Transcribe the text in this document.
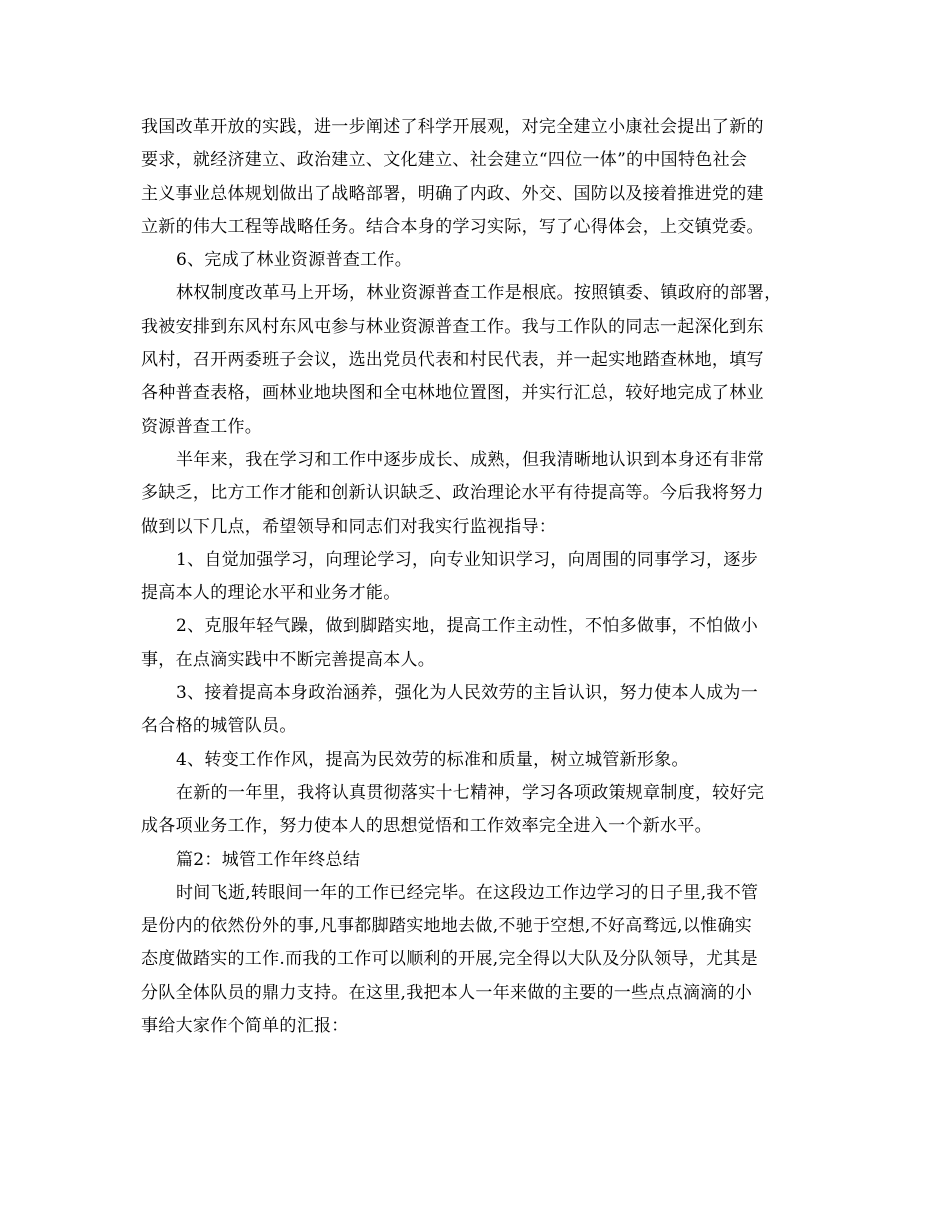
我国改革开放的实践，进一步阐述了科学开展观，对完全建立小康社会提出了新的
要求，就经济建立、政治建立、文化建立、社会建立“四位一体”的中国特色社会
主义事业总体规划做出了战略部署，明确了内政、外交、国防以及接着推进党的建
立新的伟大工程等战略任务。结合本身的学习实际，写了心得体会，上交镇党委。
6、完成了林业资源普查工作。
林权制度改革马上开场，林业资源普查工作是根底。按照镇委、镇政府的部署，
我被安排到东风村东风屯参与林业资源普查工作。我与工作队的同志一起深化到东
风村，召开两委班子会议，选出党员代表和村民代表，并一起实地踏查林地，填写
各种普查表格，画林业地块图和全屯林地位置图，并实行汇总，较好地完成了林业
资源普查工作。
半年来，我在学习和工作中逐步成长、成熟，但我清晰地认识到本身还有非常
多缺乏，比方工作才能和创新认识缺乏、政治理论水平有待提高等。今后我将努力
做到以下几点，希望领导和同志们对我实行监视指导：
1、自觉加强学习，向理论学习，向专业知识学习，向周围的同事学习，逐步
提高本人的理论水平和业务才能。
2、克服年轻气躁，做到脚踏实地，提高工作主动性，不怕多做事，不怕做小
事，在点滴实践中不断完善提高本人。
3、接着提高本身政治涵养，强化为人民效劳的主旨认识，努力使本人成为一
名合格的城管队员。
4、转变工作作风，提高为民效劳的标准和质量，树立城管新形象。
在新的一年里，我将认真贯彻落实十七精神，学习各项政策规章制度，较好完
成各项业务工作，努力使本人的思想觉悟和工作效率完全进入一个新水平。
篇2：城管工作年终总结
时间飞逝,转眼间一年的工作已经完毕。在这段边工作边学习的日子里,我不管
是份内的依然份外的事,凡事都脚踏实地地去做,不驰于空想,不好高骛远,以惟确实
态度做踏实的工作.而我的工作可以顺利的开展,完全得以大队及分队领导，尤其是
分队全体队员的鼎力支持。在这里,我把本人一年来做的主要的一些点点滴滴的小
事给大家作个简单的汇报：
